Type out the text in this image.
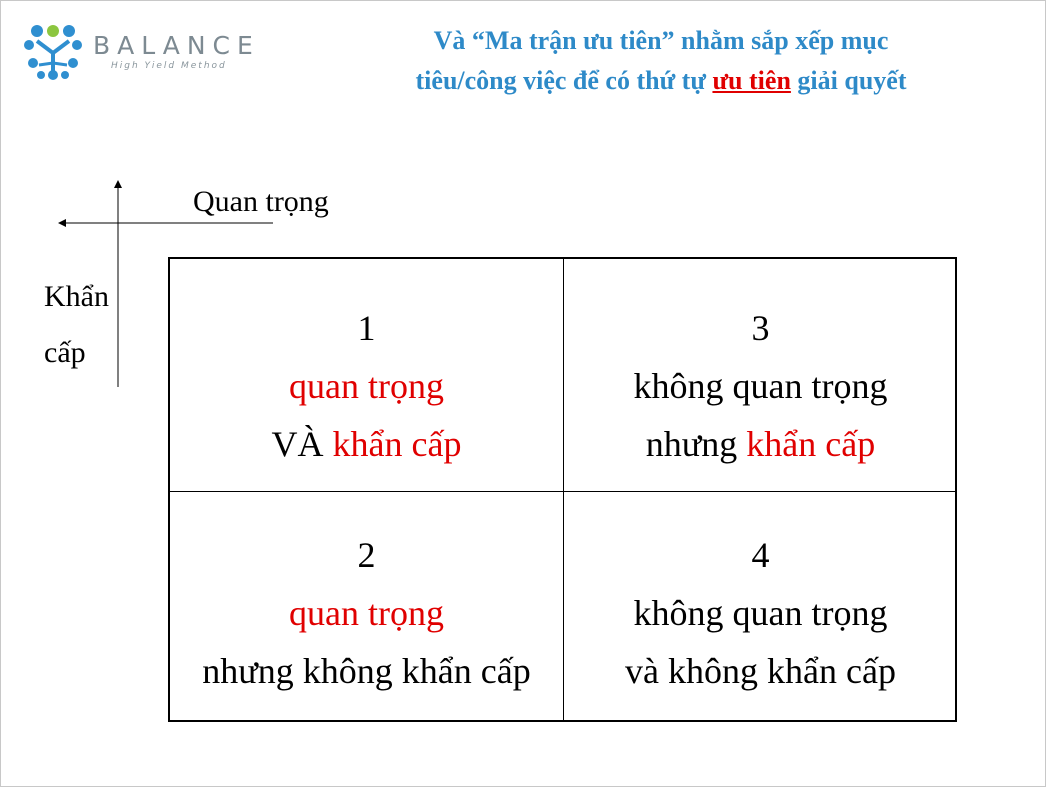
BALANCE
High Yield Method
Và “Ma trận ưu tiên” nhằm sắp xếp mục
tiêu/công việc để có thứ tự ưu tiên giải quyết
Quan trọng
Khẩn
cấp
1
quan trọng
VÀ khẩn cấp
3
không quan trọng
nhưng khẩn cấp
2
quan trọng
nhưng không khẩn cấp
4
không quan trọng
và không khẩn cấp
